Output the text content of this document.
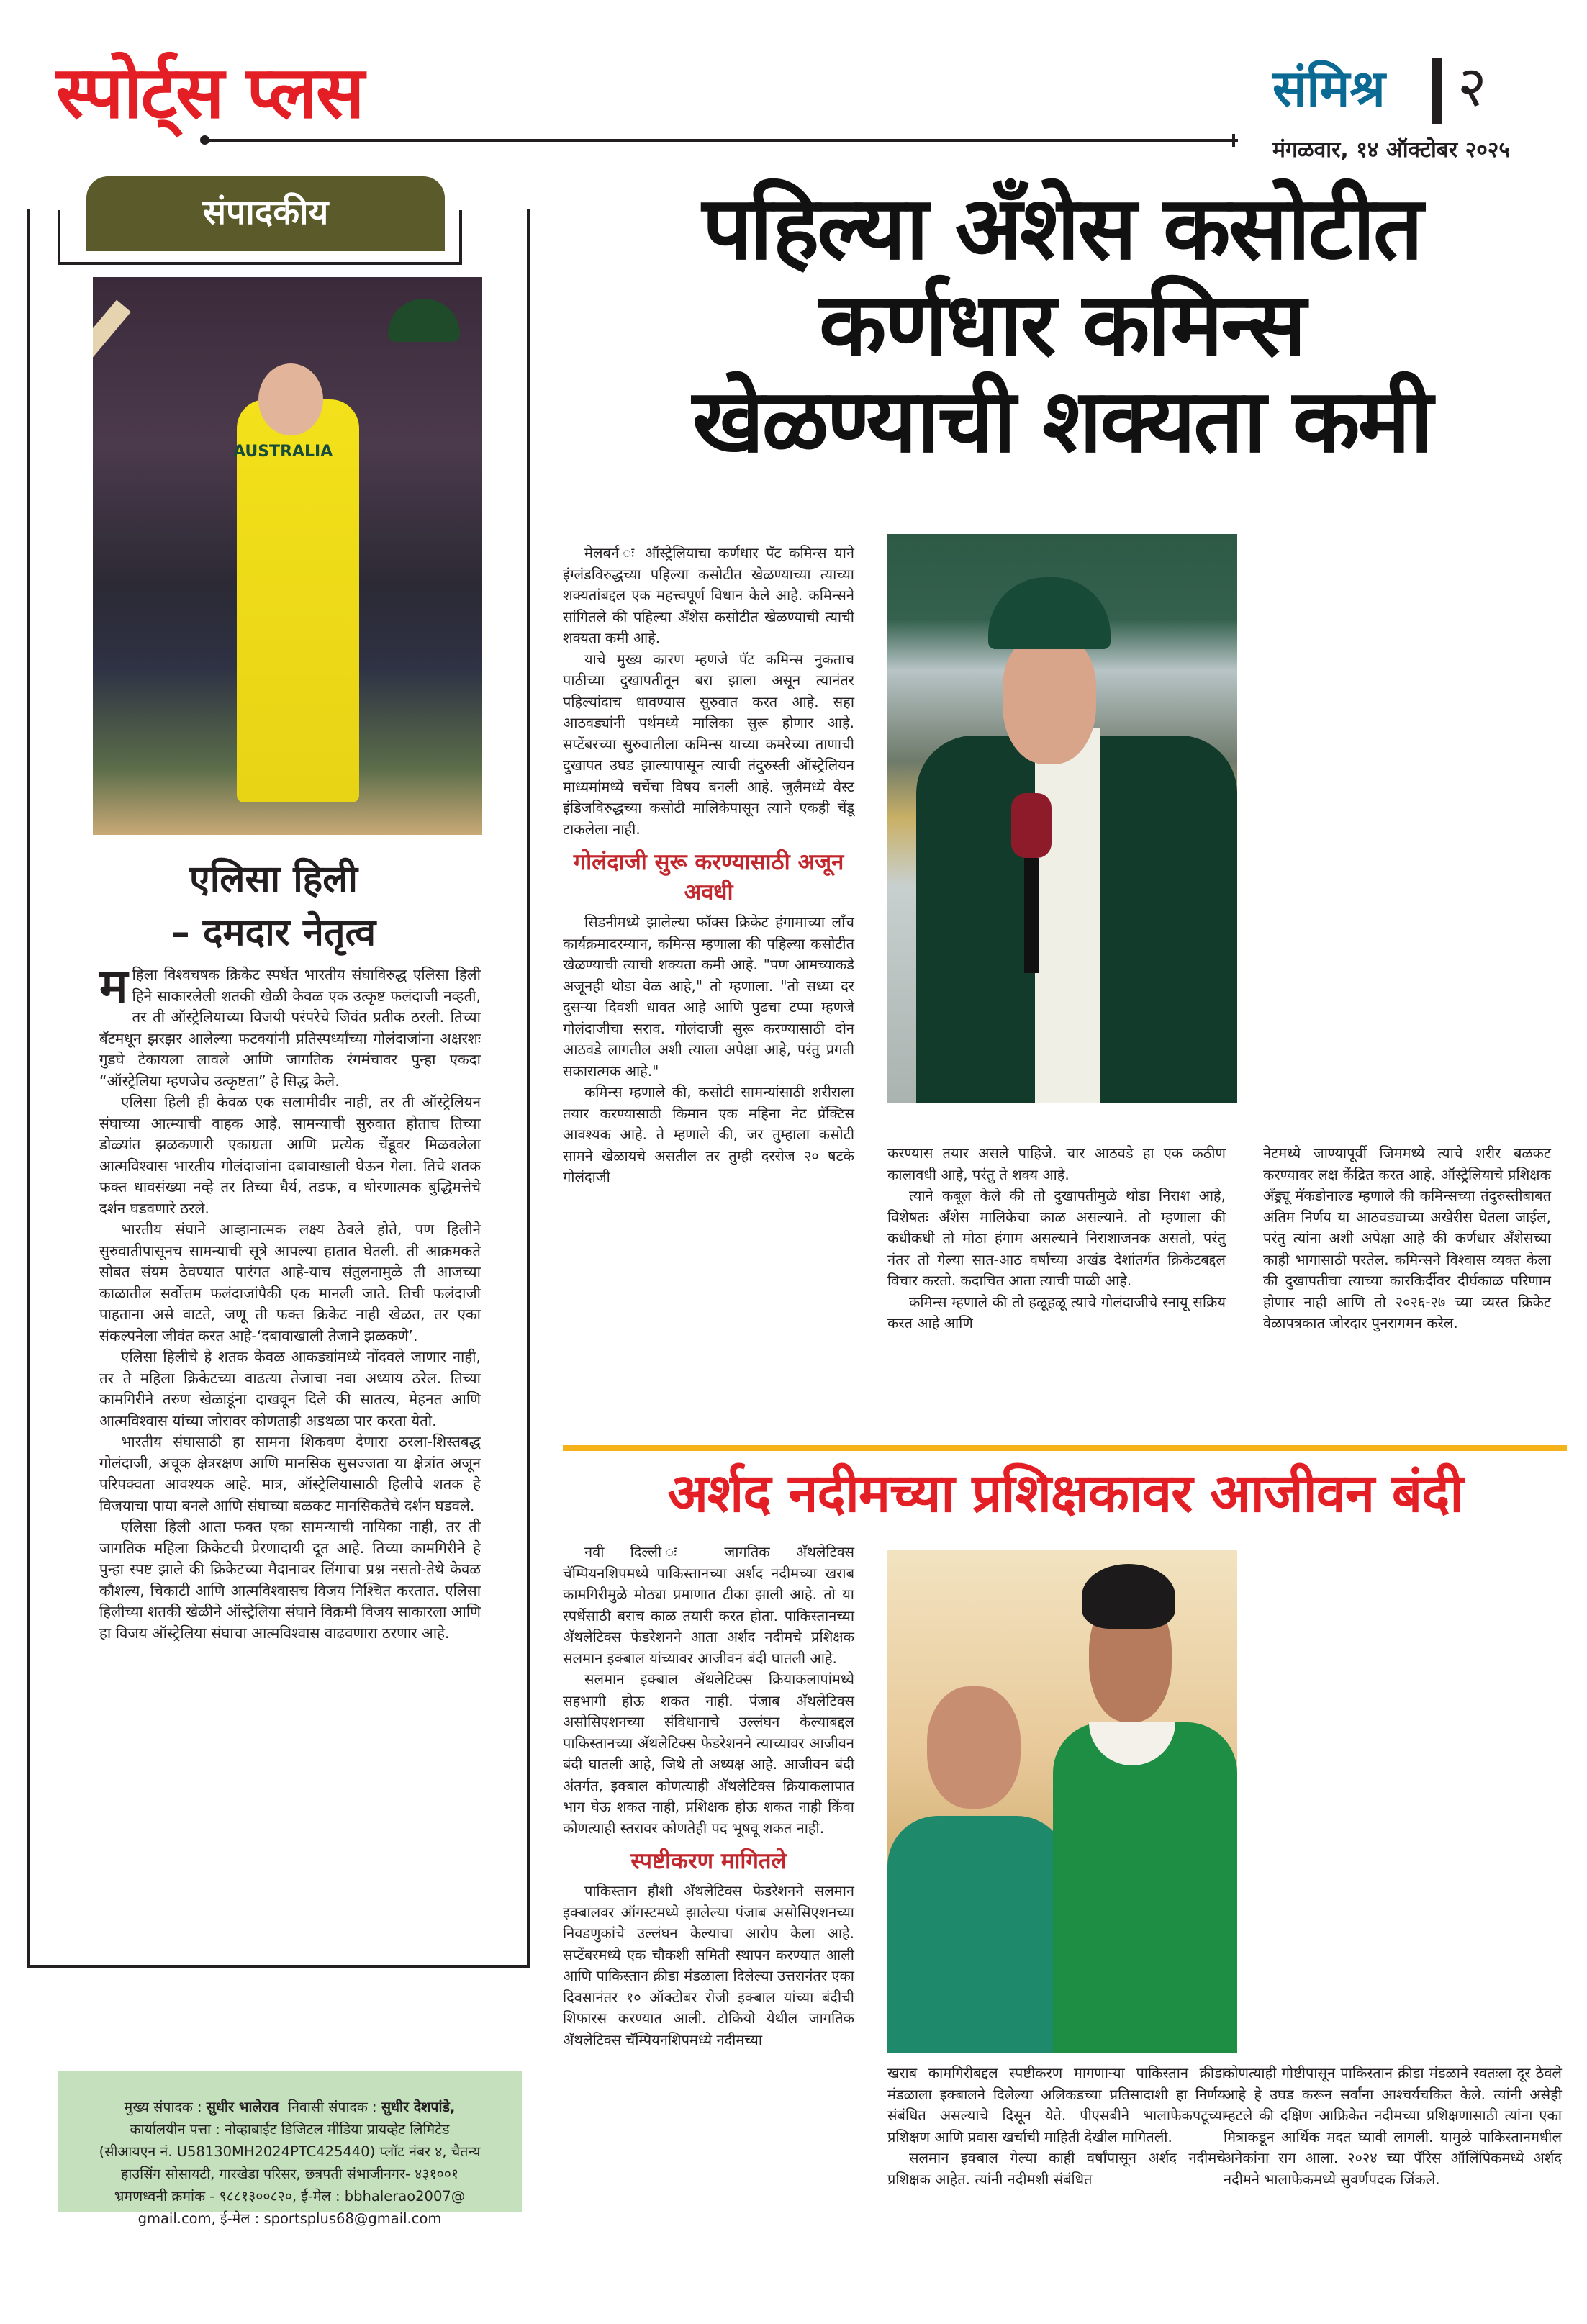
स्पोर्ट्स प्लस	संमिश्र २
मंगळवार, १४ ऑक्टोबर २०२५
संपादकीय
AUSTRALIA
एलिसा हिली
– दमदार नेतृत्व

महिला विश्वचषक क्रिकेट स्पर्धेत भारतीय संघाविरुद्ध एलिसा हिली हिने साकारलेली शतकी खेळी केवळ एक उत्कृष्ट फलंदाजी नव्हती, तर ती ऑस्ट्रेलियाच्या विजयी परंपरेचे जिवंत प्रतीक ठरली. तिच्या बॅटमधून झरझर आलेल्या फटक्यांनी प्रतिस्पर्ध्यांच्या गोलंदाजांना अक्षरशः गुडघे टेकायला लावले आणि जागतिक रंगमंचावर पुन्हा एकदा “ऑस्ट्रेलिया म्हणजेच उत्कृष्टता” हे सिद्ध केले.

एलिसा हिली ही केवळ एक सलामीवीर नाही, तर ती ऑस्ट्रेलियन संघाच्या आत्म्याची वाहक आहे. सामन्याची सुरुवात होताच तिच्या डोळ्यांत झळकणारी एकाग्रता आणि प्रत्येक चेंडूवर मिळवलेला आत्मविश्वास भारतीय गोलंदाजांना दबावाखाली घेऊन गेला. तिचे शतक फक्त धावसंख्या नव्हे तर तिच्या धैर्य, तडफ, व धोरणात्मक बुद्धिमत्तेचे दर्शन घडवणारे ठरले.

भारतीय संघाने आव्हानात्मक लक्ष्य ठेवले होते, पण हिलीने सुरुवातीपासूनच सामन्याची सूत्रे आपल्या हातात घेतली. ती आक्रमकते सोबत संयम ठेवण्यात पारंगत आहे-याच संतुलनामुळे ती आजच्या काळातील सर्वोत्तम फलंदाजांपैकी एक मानली जाते. तिची फलंदाजी पाहताना असे वाटते, जणू ती फक्त क्रिकेट नाही खेळत, तर एका संकल्पनेला जीवंत करत आहे-‘दबावाखाली तेजाने झळकणे’.

एलिसा हिलीचे हे शतक केवळ आकड्यांमध्ये नोंदवले जाणार नाही, तर ते महिला क्रिकेटच्या वाढत्या तेजाचा नवा अध्याय ठरेल. तिच्या कामगिरीने तरुण खेळाडूंना दाखवून दिले की सातत्य, मेहनत आणि आत्मविश्वास यांच्या जोरावर कोणताही अडथळा पार करता येतो.

भारतीय संघासाठी हा सामना शिकवण देणारा ठरला-शिस्तबद्ध गोलंदाजी, अचूक क्षेत्ररक्षण आणि मानसिक सुसज्जता या क्षेत्रांत अजून परिपक्वता आवश्यक आहे. मात्र, ऑस्ट्रेलियासाठी हिलीचे शतक हे विजयाचा पाया बनले आणि संघाच्या बळकट मानसिकतेचे दर्शन घडवले.

एलिसा हिली आता फक्त एका सामन्याची नायिका नाही, तर ती जागतिक महिला क्रिकेटची प्रेरणादायी दूत आहे. तिच्या कामगिरीने हे पुन्हा स्पष्ट झाले की क्रिकेटच्या मैदानावर लिंगाचा प्रश्न नसतो-तेथे केवळ कौशल्य, चिकाटी आणि आत्मविश्वासच विजय निश्चित करतात. एलिसा हिलीच्या शतकी खेळीने ऑस्ट्रेलिया संघाने विक्रमी विजय साकारला आणि हा विजय ऑस्ट्रेलिया संघाचा आत्मविश्वास वाढवणारा ठरणार आहे.

मुख्य संपादक : सुधीर भालेराव निवासी संपादक : सुधीर देशपांडे,
कार्यालयीन पत्ता : नोव्हाबाईट डिजिटल मीडिया प्रायव्हेट लिमिटेड
(सीआयएन नं. U58130MH2024PTC425440) प्लॉट नंबर ४, चैतन्य
हाउसिंग सोसायटी, गारखेडा परिसर, छत्रपती संभाजीनगर- ४३१००१
भ्रमणध्वनी क्रमांक - ९८८१३००८२०, ई-मेल : bbhalerao2007@
gmail.com, ई-मेल : sportsplus68@gmail.com
पहिल्या अँशेस कसोटीत
कर्णधार कमिन्स
खेळण्याची शक्यता कमी

मेलबर्न ः ऑस्ट्रेलियाचा कर्णधार पॅट कमिन्स याने इंग्लंडविरुद्धच्या पहिल्या कसोटीत खेळण्याच्या त्याच्या शक्यतांबद्दल एक महत्त्वपूर्ण विधान केले आहे. कमिन्सने सांगितले की पहिल्या अँशेस कसोटीत खेळण्याची त्याची शक्यता कमी आहे.

याचे मुख्य कारण म्हणजे पॅट कमिन्स नुकताच पाठीच्या दुखापतीतून बरा झाला असून त्यानंतर पहिल्यांदाच धावण्यास सुरुवात करत आहे. सहा आठवड्यांनी पर्थमध्ये मालिका सुरू होणार आहे. सप्टेंबरच्या सुरुवातीला कमिन्स याच्या कमरेच्या ताणाची दुखापत उघड झाल्यापासून त्याची तंदुरुस्ती ऑस्ट्रेलियन माध्यमांमध्ये चर्चेचा विषय बनली आहे. जुलैमध्ये वेस्ट इंडिजविरुद्धच्या कसोटी मालिकेपासून त्याने एकही चेंडू टाकलेला नाही.

गोलंदाजी सुरू करण्यासाठी अजून अवधी

सिडनीमध्ये झालेल्या फॉक्स क्रिकेट हंगामाच्या लॉंच कार्यक्रमादरम्यान, कमिन्स म्हणाला की पहिल्या कसोटीत खेळण्याची त्याची शक्यता कमी आहे. "पण आमच्याकडे अजूनही थोडा वेळ आहे," तो म्हणाला. "तो सध्या दर दुसऱ्या दिवशी धावत आहे आणि पुढचा टप्पा म्हणजे गोलंदाजीचा सराव. गोलंदाजी सुरू करण्यासाठी दोन आठवडे लागतील अशी त्याला अपेक्षा आहे, परंतु प्रगती सकारात्मक आहे."

कमिन्स म्हणाले की, कसोटी सामन्यांसाठी शरीराला तयार करण्यासाठी किमान एक महिना नेट प्रॅक्टिस आवश्यक आहे. ते म्हणाले की, जर तुम्हाला कसोटी सामने खेळायचे असतील तर तुम्ही दररोज २० षटके गोलंदाजी

करण्यास तयार असले पाहिजे. चार आठवडे हा एक कठीण कालावधी आहे, परंतु ते शक्य आहे.

त्याने कबूल केले की तो दुखापतीमुळे थोडा निराश आहे, विशेषतः अँशेस मालिकेचा काळ असल्याने. तो म्हणाला की कधीकधी तो मोठा हंगाम असल्याने निराशाजनक असतो, परंतु नंतर तो गेल्या सात-आठ वर्षांच्या अखंड देशांतर्गत क्रिकेटबद्दल विचार करतो. कदाचित आता त्याची पाळी आहे.

कमिन्स म्हणाले की तो हळूहळू त्याचे गोलंदाजीचे स्नायू सक्रिय करत आहे आणि

नेटमध्ये जाण्यापूर्वी जिममध्ये त्याचे शरीर बळकट करण्यावर लक्ष केंद्रित करत आहे. ऑस्ट्रेलियाचे प्रशिक्षक अँड्र्यू मॅकडोनाल्ड म्हणाले की कमिन्सच्या तंदुरुस्तीबाबत अंतिम निर्णय या आठवड्याच्या अखेरीस घेतला जाईल, परंतु त्यांना अशी अपेक्षा आहे की कर्णधार अँशेसच्या काही भागासाठी परतेल. कमिन्सने विश्वास व्यक्त केला की दुखापतीचा त्याच्या कारकिर्दीवर दीर्घकाळ परिणाम होणार नाही आणि तो २०२६-२७ च्या व्यस्त क्रिकेट वेळापत्रकात जोरदार पुनरागमन करेल.

अर्शद नदीमच्या प्रशिक्षकावर आजीवन बंदी

नवी दिल्ली ः जागतिक अ‍ॅथलेटिक्स चॅम्पियनशिपमध्ये पाकिस्तानच्या अर्शद नदीमच्या खराब कामगिरीमुळे मोठ्या प्रमाणात टीका झाली आहे. तो या स्पर्धेसाठी बराच काळ तयारी करत होता. पाकिस्तानच्या अ‍ॅथलेटिक्स फेडरेशनने आता अर्शद नदीमचे प्रशिक्षक सलमान इक्बाल यांच्यावर आजीवन बंदी घातली आहे.

सलमान इक्बाल अ‍ॅथलेटिक्स क्रियाकलापांमध्ये सहभागी होऊ शकत नाही. पंजाब अ‍ॅथलेटिक्स असोसिएशनच्या संविधानाचे उल्लंघन केल्याबद्दल पाकिस्तानच्या अ‍ॅथलेटिक्स फेडरेशनने त्याच्यावर आजीवन बंदी घातली आहे, जिथे तो अध्यक्ष आहे. आजीवन बंदी अंतर्गत, इक्बाल कोणत्याही अ‍ॅथलेटिक्स क्रियाकलापात भाग घेऊ शकत नाही, प्रशिक्षक होऊ शकत नाही किंवा कोणत्याही स्तरावर कोणतेही पद भूषवू शकत नाही.

स्पष्टीकरण मागितले

पाकिस्तान हौशी अ‍ॅथलेटिक्स फेडरेशनने सलमान इक्बालवर ऑगस्टमध्ये झालेल्या पंजाब असोसिएशनच्या निवडणुकांचे उल्लंघन केल्याचा आरोप केला आहे. सप्टेंबरमध्ये एक चौकशी समिती स्थापन करण्यात आली आणि पाकिस्तान क्रीडा मंडळाला दिलेल्या उत्तरानंतर एका दिवसानंतर १० ऑक्टोबर रोजी इक्बाल यांच्या बंदीची शिफारस करण्यात आली. टोकियो येथील जागतिक अ‍ॅथलेटिक्स चॅम्पियनशिपमध्ये नदीमच्या

खराब कामगिरीबद्दल स्पष्टीकरण मागणाऱ्या पाकिस्तान क्रीडा मंडळाला इक्बालने दिलेल्या अलिकडच्या प्रतिसादाशी हा निर्णय संबंधित असल्याचे दिसून येते. पीएसबीने भालाफेकपटूच्या प्रशिक्षण आणि प्रवास खर्चाची माहिती देखील मागितली.

सलमान इक्बाल गेल्या काही वर्षांपासून अर्शद नदीमचे प्रशिक्षक आहेत. त्यांनी नदीमशी संबंधित

कोणत्याही गोष्टीपासून पाकिस्तान क्रीडा मंडळाने स्वतःला दूर ठेवले आहे हे उघड करून सर्वांना आश्चर्यचकित केले. त्यांनी असेही म्हटले की दक्षिण आफ्रिकेत नदीमच्या प्रशिक्षणासाठी त्यांना एका मित्राकडून आर्थिक मदत घ्यावी लागली. यामुळे पाकिस्तानमधील अनेकांना राग आला. २०२४ च्या पॅरिस ऑलिंपिकमध्ये अर्शद नदीमने भालाफेकमध्ये सुवर्णपदक जिंकले.
